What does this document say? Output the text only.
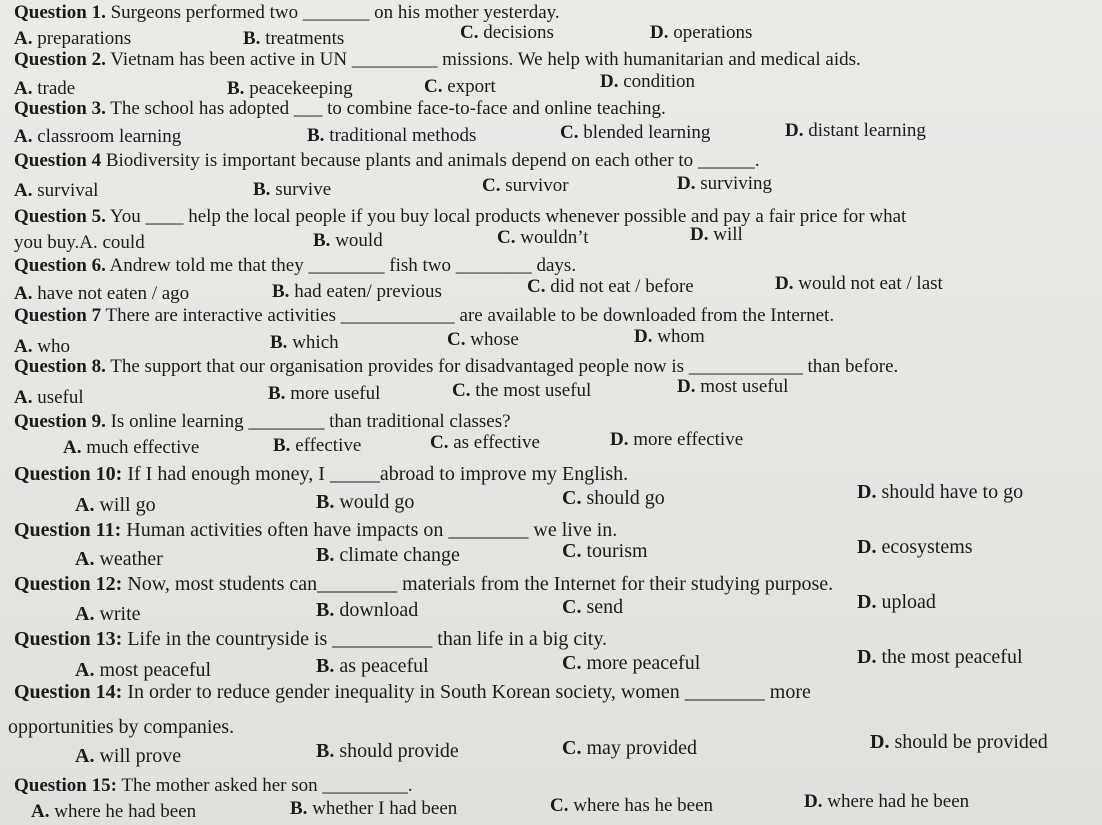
Question 1. Surgeons performed two _______ on his mother yesterday.
A. preparations	B. treatments	C. decisions	D. operations
Question 2. Vietnam has been active in UN _________ missions. We help with humanitarian and medical aids.
A. trade	B. peacekeeping	C. export	D. condition
Question 3. The school has adopted ___ to combine face-to-face and online teaching.
A. classroom learning	B. traditional methods	C. blended learning	D. distant learning
Question 4 Biodiversity is important because plants and animals depend on each other to ______.
A. survival	B. survive	C. survivor	D. surviving
Question 5. You ____ help the local people if you buy local products whenever possible and pay a fair price for what
you buy.A. could	B. would	C. wouldn’t	D. will
Question 6. Andrew told me that they ________ fish two ________ days.
A. have not eaten / ago	B. had eaten/ previous	C. did not eat / before	D. would not eat / last
Question 7 There are interactive activities ____________ are available to be downloaded from the Internet.
A. who	B. which	C. whose	D. whom
Question 8. The support that our organisation provides for disadvantaged people now is ____________ than before.
A. useful	B. more useful	C. the most useful	D. most useful
Question 9. Is online learning ________ than traditional classes?
A. much effective	B. effective	C. as effective	D. more effective
Question 10: If I had enough money, I _____abroad to improve my English.
A. will go	B. would go	C. should go	D. should have to go
Question 11: Human activities often have impacts on ________ we live in.
A. weather	B. climate change	C. tourism	D. ecosystems
Question 12: Now, most students can________ materials from the Internet for their studying purpose.
A. write	B. download	C. send	D. upload
Question 13: Life in the countryside is __________ than life in a big city.
A. most peaceful	B. as peaceful	C. more peaceful	D. the most peaceful
Question 14: In order to reduce gender inequality in South Korean society, women ________ more
opportunities by companies.
A. will prove	B. should provide	C. may provided	D. should be provided
Question 15: The mother asked her son _________.
A. where he had been	B. whether I had been	C. where has he been	D. where had he been
